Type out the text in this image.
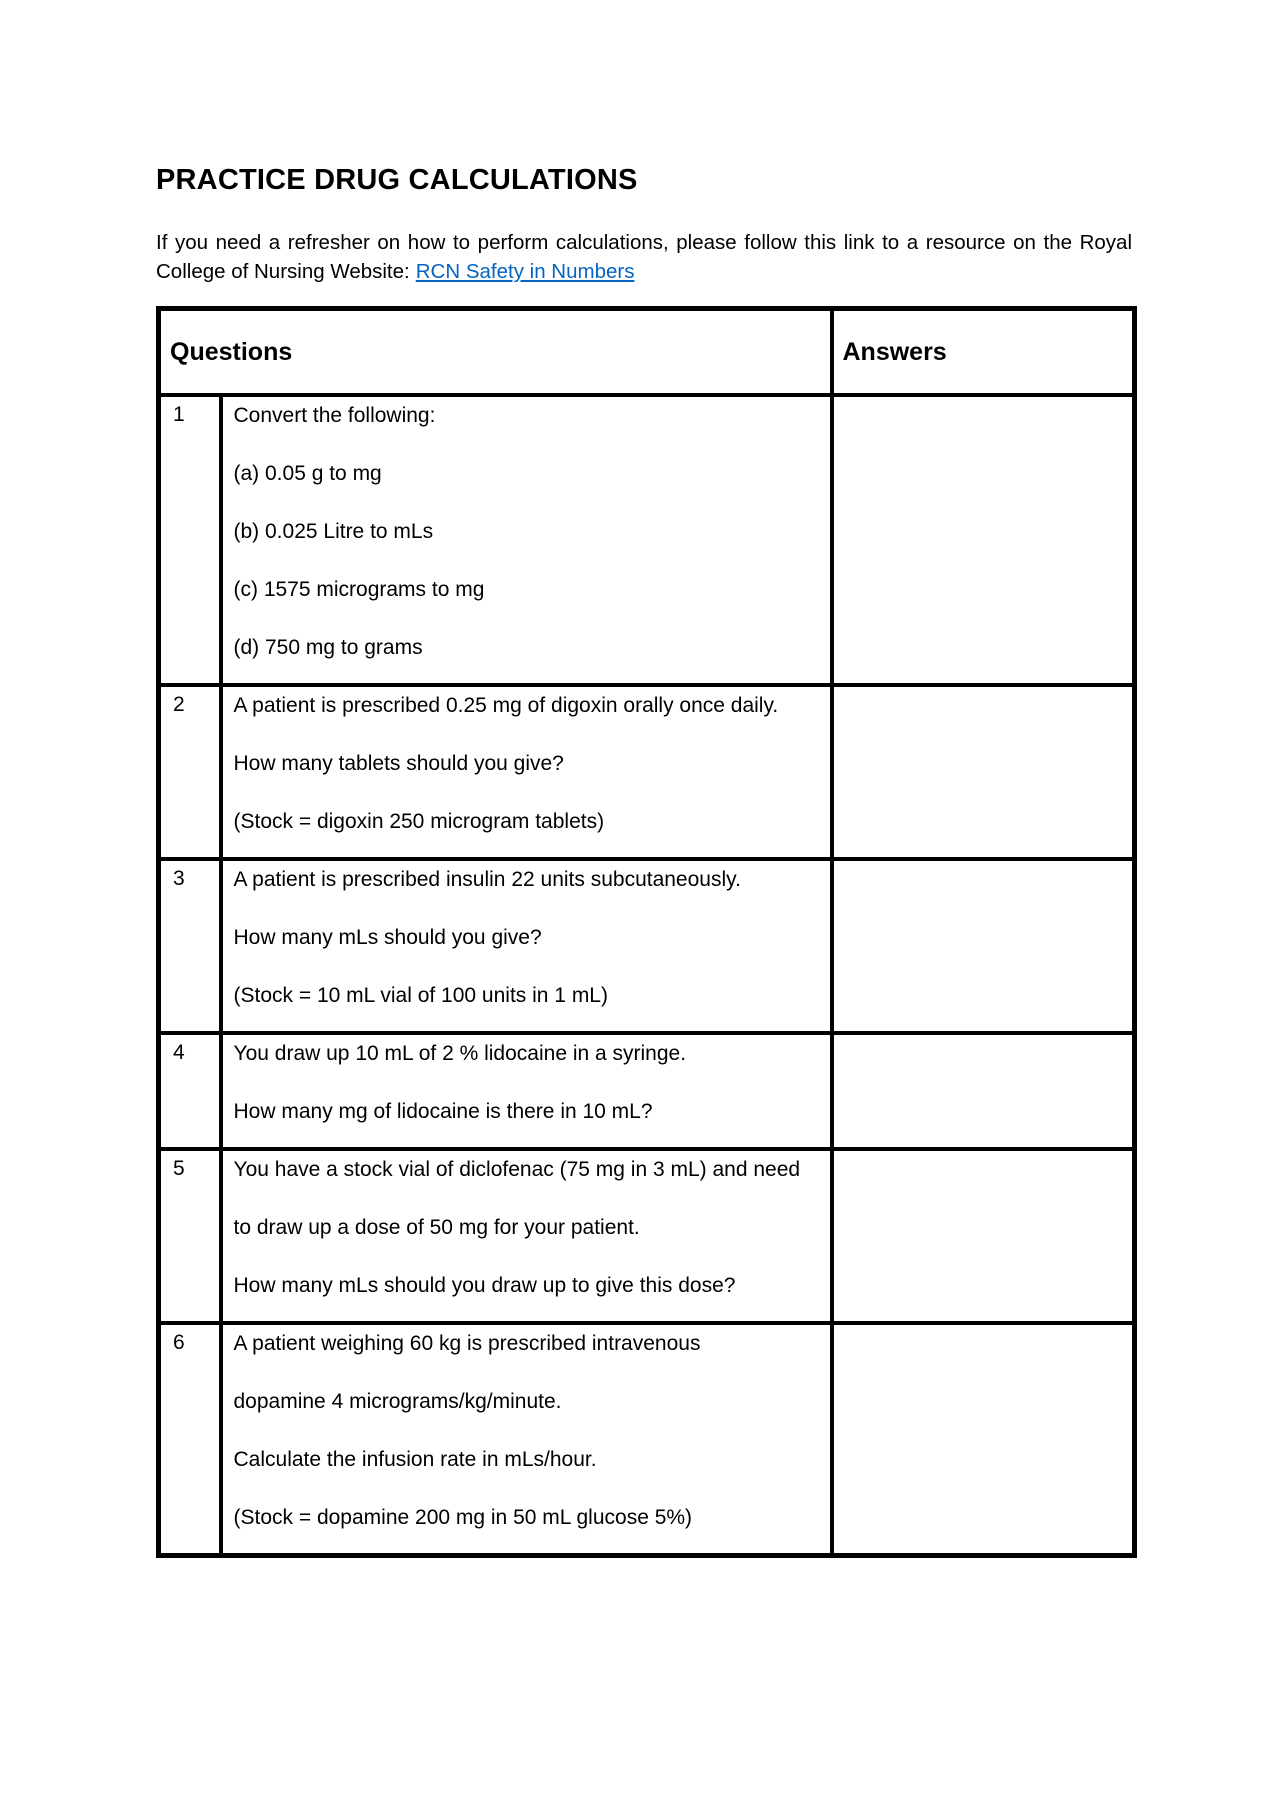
PRACTICE DRUG CALCULATIONS
If you need a refresher on how to perform calculations, please follow this link to a resource on the Royal College of Nursing Website: RCN Safety in Numbers
Questions		Answers
1	Convert the following:
(a) 0.05 g to mg
(b) 0.025 Litre to mLs
(c) 1575 micrograms to mg
(d) 750 mg to grams	

2	A patient is prescribed 0.25 mg of digoxin orally once daily.
How many tablets should you give?
(Stock = digoxin 250 microgram tablets)	

3	A patient is prescribed insulin 22 units subcutaneously.
How many mLs should you give?
(Stock = 10 mL vial of 100 units in 1 mL)	

4	You draw up 10 mL of 2 % lidocaine in a syringe.
How many mg of lidocaine is there in 10 mL?	

5	You have a stock vial of diclofenac (75 mg in 3 mL) and need
to draw up a dose of 50 mg for your patient.
How many mLs should you draw up to give this dose?	

6	A patient weighing 60 kg is prescribed intravenous
dopamine 4 micrograms/kg/minute.
Calculate the infusion rate in mLs/hour.
(Stock = dopamine 200 mg in 50 mL glucose 5%)	
